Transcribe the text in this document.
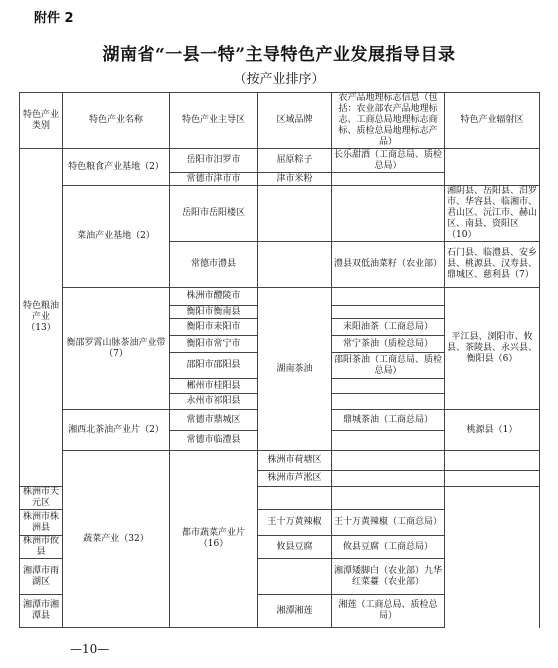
附件 2
湖南省“一县一特”主导特色产业发展指导目录
（按产业排序）
特色产业类别	特色产业名称	特色产业主导区	区域品牌	农产品地理标志信息（包括：农业部农产品地理标志、工商总局地理标志商标、质检总局地理标志产品）	特色产业辐射区	
特色粮油产业（13）	特色粮食产业基地（2）	岳阳市汨罗市	屈原粽子	长乐甜酒（工商总局、质检总局）		
		常德市津市市	津市米粉			
	菜油产业基地（2）	岳阳市岳阳楼区			湘阴县、岳阳县、汨罗市、华容县、临湘市、君山区、沅江市、赫山区、南县、资阳区（10）	
		常德市澧县		澧县双低油菜籽（农业部）	石门县、临澧县、安乡县、桃源县、汉寿县、鼎城区、慈利县（7）	
	衡邵罗霄山脉茶油产业带（7）	株洲市醴陵市	湖南茶油		平江县、浏阳市、攸县、茶陵县、永兴县、衡阳县（6）	
		衡阳市衡南县				
		衡阳市耒阳市		耒阳油茶（工商总局）		
		衡阳市常宁市		常宁茶油（质检总局）		
		邵阳市邵阳县		邵阳茶油（工商总局、质检总局）		
		郴州市桂阳县				
		永州市祁阳县				
	湘西北茶油产业片（2）	常德市鼎城区		鼎城茶油（工商总局）	桃源县（1）	
		常德市临澧县				
	蔬菜产业（32）	都市蔬菜产业片（16）	株洲市荷塘区			
			株洲市芦淞区			
株洲市天元区						
株洲市株洲县			王十万黄辣椒	王十万黄辣椒（工商总局）		
株洲市攸县			攸县豆腐	攸县豆腐（工商总局）		
湘潭市雨湖区				湘潭矮脚白（农业部）九华红菜薹（农业部）		
湘潭市湘潭县			湘潭湘莲	湘莲（工商总局、质检总局）		
—10—
